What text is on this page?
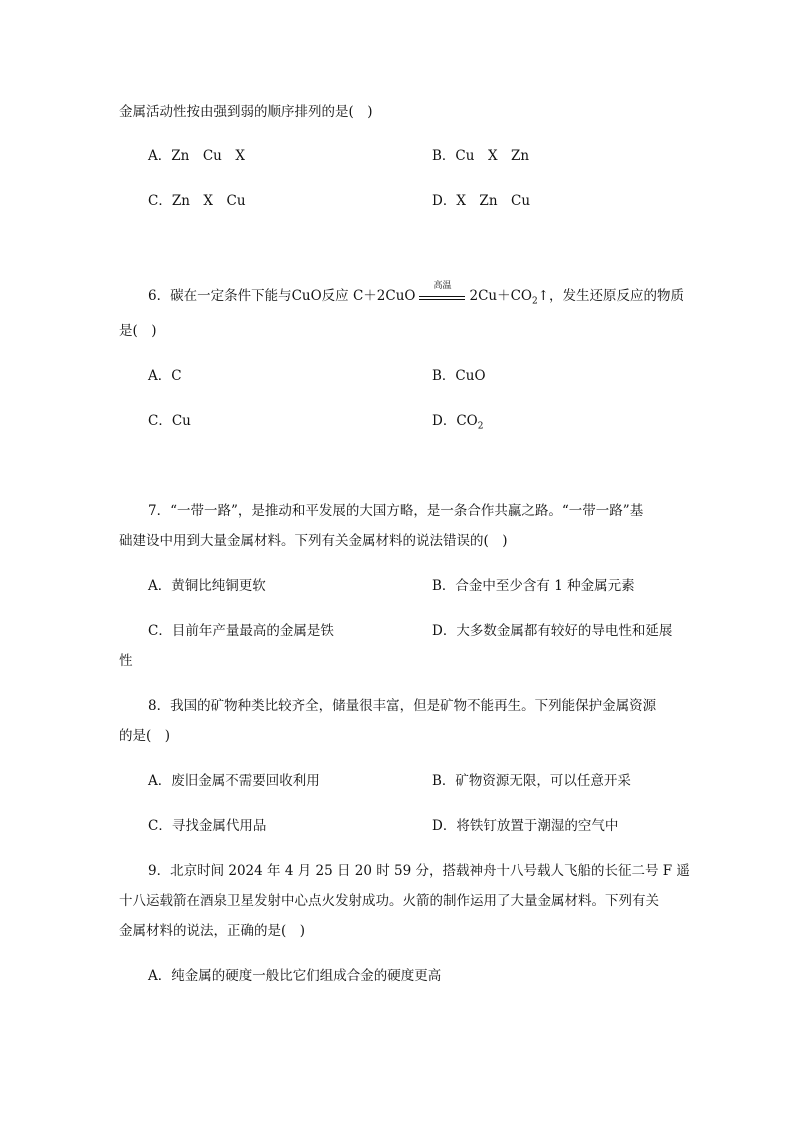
金属活动性按由强到弱的顺序排列的是(　)
A．Zn　Cu　X	B．Cu　X　Zn
C．Zn　X　Cu	D．X　Zn　Cu
6．碳在一定条件下能与CuO反应 C＋2CuO
高温
$2Cu+CO_2↑$，发生还原反应的物质
是(　)
A．C	B．CuO
C．Cu	D．$CO_2$
7．“一带一路”，是推动和平发展的大国方略，是一条合作共赢之路。“一带一路”基
础建设中用到大量金属材料。下列有关金属材料的说法错误的(　)
A．黄铜比纯铜更软	B．合金中至少含有 1 种金属元素
C．目前年产量最高的金属是铁	D．大多数金属都有较好的导电性和延展
性
8．我国的矿物种类比较齐全，储量很丰富，但是矿物不能再生。下列能保护金属资源
的是(　)
A．废旧金属不需要回收利用	B．矿物资源无限，可以任意开采
C．寻找金属代用品	D．将铁钉放置于潮湿的空气中
9．北京时间 2024 年 4 月 25 日 20 时 59 分，搭载神舟十八号载人飞船的长征二号 F 遥
十八运载箭在酒泉卫星发射中心点火发射成功。火箭的制作运用了大量金属材料。下列有关
金属材料的说法，正确的是(　)
A．纯金属的硬度一般比它们组成合金的硬度更高
